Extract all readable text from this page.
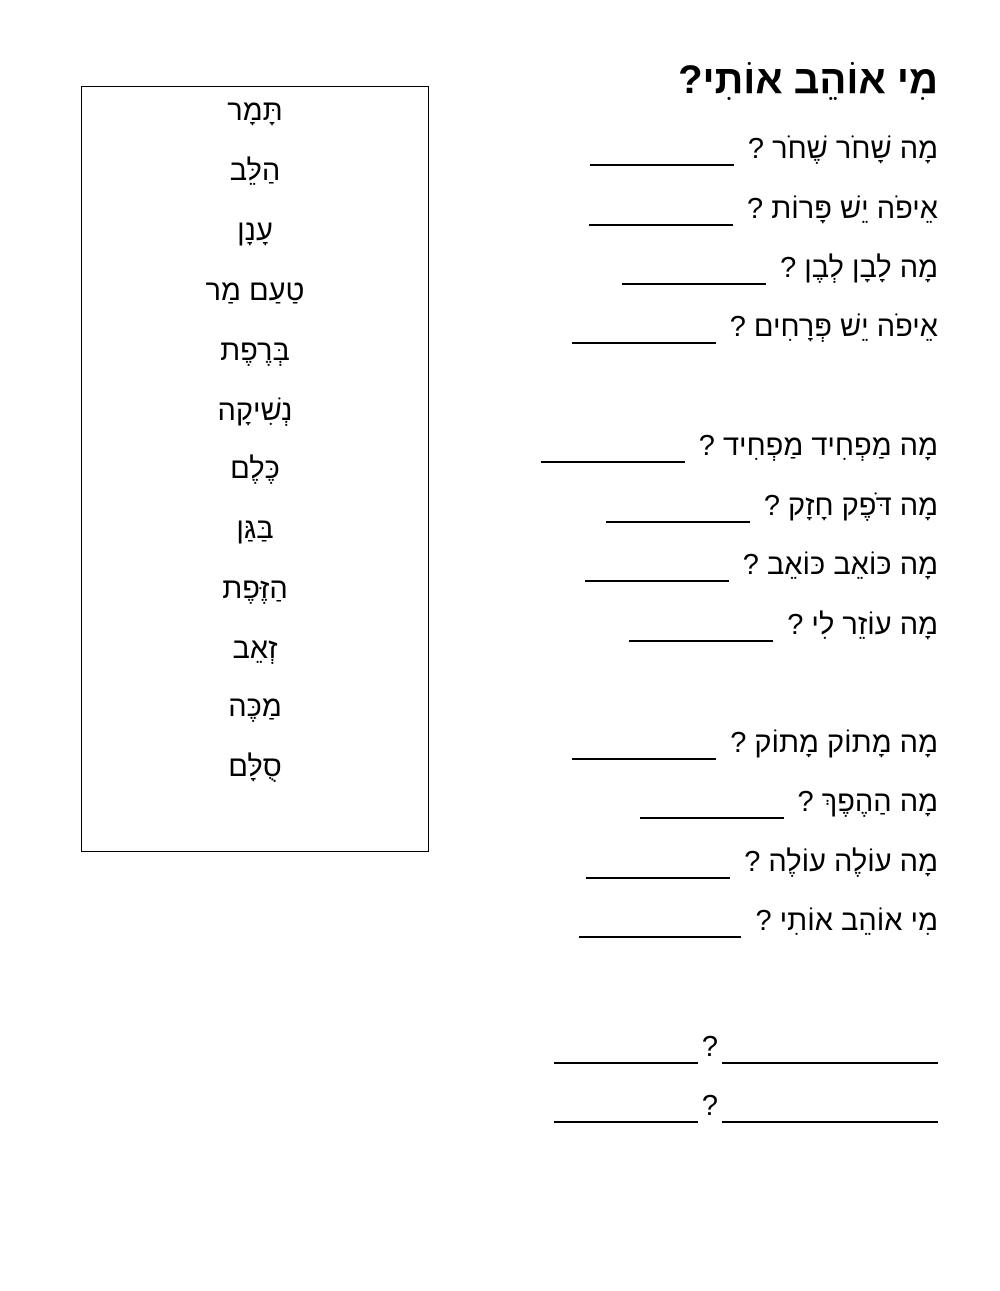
מִי אוֹהֵב אוֹתִי?
מָה שָׁחֹר שֶׁחֹר ?
אֵיפֹה יֵשׁ פָּרוֹת ?
מָה לָבָן לְבֶן ?
אֵיפֹה יֵשׁ פְּרָחִים ?
מָה מַפְחִיד מַפְחִיד ?
מָה דֹּפֶק חָזָק ?
מָה כּוֹאֵב כּוֹאֵב ?
מָה עוֹזֵר לִי ?
מָה מָתוֹק מָתוֹק ?
מָה הַהֶפֶךְ ?
מָה עוֹלֶה עוֹלֶה ?
מִי אוֹהֵב אוֹתִי ?
?
?
תָּמָר
הַלֵּב
עָנָן
טַעַם מַר
בְּרֶפֶת
נְשִׁיקָה
כֶּלֶם
בַּגַּן
הַזֶּפֶת
זְאֵב
מַכֶּה
סֻלָּם
